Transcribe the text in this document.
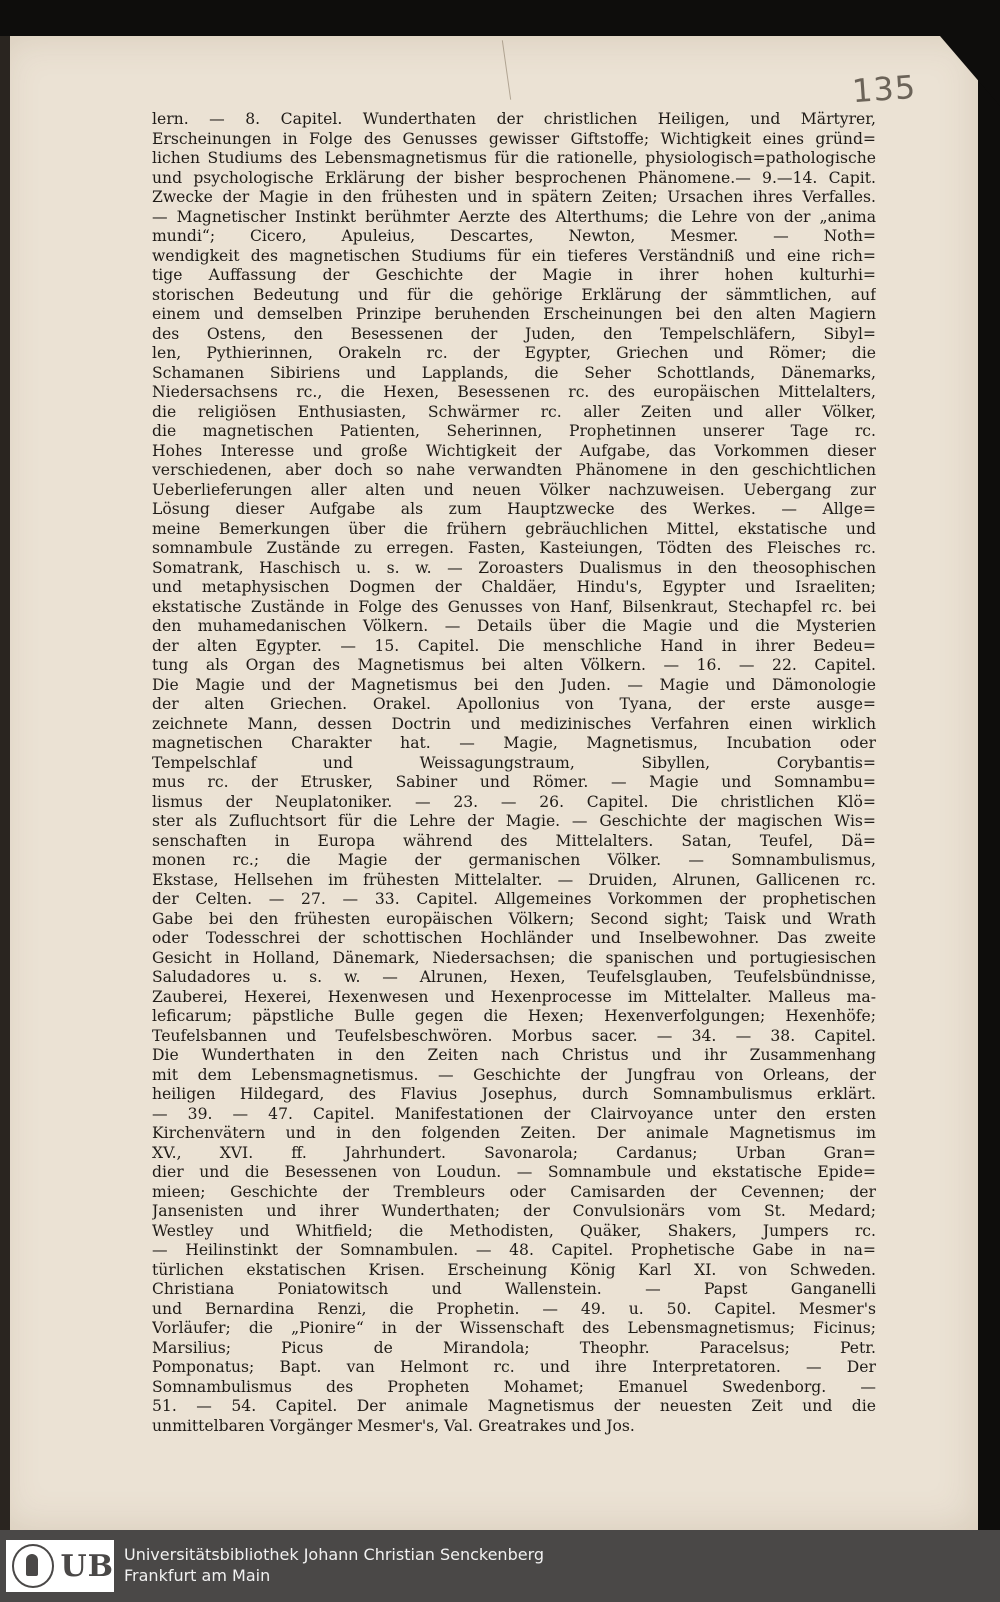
135
lern. — 8. Capitel. Wunderthaten der christlichen Heiligen, und Märtyrer,
Erscheinungen in Folge des Genusses gewisser Giftstoffe; Wichtigkeit eines gründ=
lichen Studiums des Lebensmagnetismus für die rationelle, physiologisch=pathologische
und psychologische Erklärung der bisher besprochenen Phänomene.— 9.—14. Capit.
Zwecke der Magie in den frühesten und in spätern Zeiten; Ursachen ihres Verfalles.
— Magnetischer Instinkt berühmter Aerzte des Alterthums; die Lehre von der „anima
mundi“; Cicero, Apuleius, Descartes, Newton, Mesmer. — Noth=
wendigkeit des magnetischen Studiums für ein tieferes Verständniß und eine rich=
tige Auffassung der Geschichte der Magie in ihrer hohen kulturhi=
storischen Bedeutung und für die gehörige Erklärung der sämmtlichen, auf
einem und demselben Prinzipe beruhenden Erscheinungen bei den alten Magiern
des Ostens, den Besessenen der Juden, den Tempelschläfern, Sibyl=
len, Pythierinnen, Orakeln rc. der Egypter, Griechen und Römer; die
Schamanen Sibiriens und Lapplands, die Seher Schottlands, Dänemarks,
Niedersachsens rc., die Hexen, Besessenen rc. des europäischen Mittelalters,
die religiösen Enthusiasten, Schwärmer rc. aller Zeiten und aller Völker,
die magnetischen Patienten, Seherinnen, Prophetinnen unserer Tage rc.
Hohes Interesse und große Wichtigkeit der Aufgabe, das Vorkommen dieser
verschiedenen, aber doch so nahe verwandten Phänomene in den geschichtlichen
Ueberlieferungen aller alten und neuen Völker nachzuweisen. Uebergang zur
Lösung dieser Aufgabe als zum Hauptzwecke des Werkes. — Allge=
meine Bemerkungen über die frühern gebräuchlichen Mittel, ekstatische und
somnambule Zustände zu erregen. Fasten, Kasteiungen, Tödten des Fleisches rc.
Somatrank, Haschisch u. s. w. — Zoroasters Dualismus in den theosophischen
und metaphysischen Dogmen der Chaldäer, Hindu's, Egypter und Israeliten;
ekstatische Zustände in Folge des Genusses von Hanf, Bilsenkraut, Stechapfel rc. bei
den muhamedanischen Völkern. — Details über die Magie und die Mysterien
der alten Egypter. — 15. Capitel. Die menschliche Hand in ihrer Bedeu=
tung als Organ des Magnetismus bei alten Völkern. — 16. — 22. Capitel.
Die Magie und der Magnetismus bei den Juden. — Magie und Dämonologie
der alten Griechen. Orakel. Apollonius von Tyana, der erste ausge=
zeichnete Mann, dessen Doctrin und medizinisches Verfahren einen wirklich
magnetischen Charakter hat. — Magie, Magnetismus, Incubation oder
Tempelschlaf und Weissagungstraum, Sibyllen, Corybantis=
mus rc. der Etrusker, Sabiner und Römer. — Magie und Somnambu=
lismus der Neuplatoniker. — 23. — 26. Capitel. Die christlichen Klö=
ster als Zufluchtsort für die Lehre der Magie. — Geschichte der magischen Wis=
senschaften in Europa während des Mittelalters. Satan, Teufel, Dä=
monen rc.; die Magie der germanischen Völker. — Somnambulismus,
Ekstase, Hellsehen im frühesten Mittelalter. — Druiden, Alrunen, Gallicenen rc.
der Celten. — 27. — 33. Capitel. Allgemeines Vorkommen der prophetischen
Gabe bei den frühesten europäischen Völkern; Second sight; Taisk und Wrath
oder Todesschrei der schottischen Hochländer und Inselbewohner. Das zweite
Gesicht in Holland, Dänemark, Niedersachsen; die spanischen und portugiesischen
Saludadores u. s. w. — Alrunen, Hexen, Teufelsglauben, Teufelsbündnisse,
Zauberei, Hexerei, Hexenwesen und Hexenprocesse im Mittelalter. Malleus ma-
leficarum; päpstliche Bulle gegen die Hexen; Hexenverfolgungen; Hexenhöfe;
Teufelsbannen und Teufelsbeschwören. Morbus sacer. — 34. — 38. Capitel.
Die Wunderthaten in den Zeiten nach Christus und ihr Zusammenhang
mit dem Lebensmagnetismus. — Geschichte der Jungfrau von Orleans, der
heiligen Hildegard, des Flavius Josephus, durch Somnambulismus erklärt.
— 39. — 47. Capitel. Manifestationen der Clairvoyance unter den ersten
Kirchenvätern und in den folgenden Zeiten. Der animale Magnetismus im
XV., XVI. ff. Jahrhundert. Savonarola; Cardanus; Urban Gran=
dier und die Besessenen von Loudun. — Somnambule und ekstatische Epide=
mieen; Geschichte der Trembleurs oder Camisarden der Cevennen; der
Jansenisten und ihrer Wunderthaten; der Convulsionärs vom St. Medard;
Westley und Whitfield; die Methodisten, Quäker, Shakers, Jumpers rc.
— Heilinstinkt der Somnambulen. — 48. Capitel. Prophetische Gabe in na=
türlichen ekstatischen Krisen. Erscheinung König Karl XI. von Schweden.
Christiana Poniatowitsch und Wallenstein. — Papst Ganganelli
und Bernardina Renzi, die Prophetin. — 49. u. 50. Capitel. Mesmer's
Vorläufer; die „Pionire“ in der Wissenschaft des Lebensmagnetismus; Ficinus;
Marsilius; Picus de Mirandola; Theophr. Paracelsus; Petr.
Pomponatus; Bapt. van Helmont rc. und ihre Interpretatoren. — Der
Somnambulismus des Propheten Mohamet; Emanuel Swedenborg. —
51. — 54. Capitel. Der animale Magnetismus der neuesten Zeit und die
unmittelbaren Vorgänger Mesmer's, Val. Greatrakes und Jos.
UB Universitätsbibliothek Johann Christian Senckenberg
Frankfurt am Main
